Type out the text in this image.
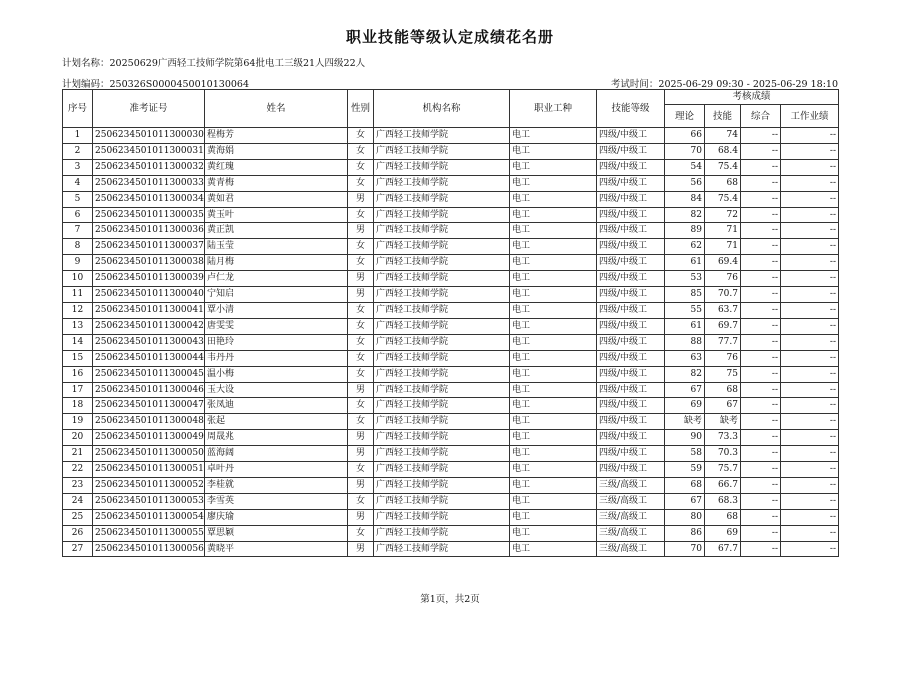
职业技能等级认定成绩花名册
计划名称：20250629广西轻工技师学院第64批电工三级21人四级22人
计划编码：250326S0000450010130064	考试时间：2025-06-29 09:30 - 2025-06-29 18:10
序号	准考证号	姓名	性别	机构名称	职业工种	技能等级	考核成绩			
							理论	技能	综合	工作业绩
1	2506234501011300030	程梅芳	女	广西轻工技师学院	电工	四级/中级工	66	74	--	--
2	2506234501011300031	黄海娟	女	广西轻工技师学院	电工	四级/中级工	70	68.4	--	--
3	2506234501011300032	黄红瑰	女	广西轻工技师学院	电工	四级/中级工	54	75.4	--	--
4	2506234501011300033	黄青梅	女	广西轻工技师学院	电工	四级/中级工	56	68	--	--
5	2506234501011300034	黄如君	男	广西轻工技师学院	电工	四级/中级工	84	75.4	--	--
6	2506234501011300035	黄玉叶	女	广西轻工技师学院	电工	四级/中级工	82	72	--	--
7	2506234501011300036	黄正凯	男	广西轻工技师学院	电工	四级/中级工	89	71	--	--
8	2506234501011300037	陆玉莹	女	广西轻工技师学院	电工	四级/中级工	62	71	--	--
9	2506234501011300038	陆月梅	女	广西轻工技师学院	电工	四级/中级工	61	69.4	--	--
10	2506234501011300039	卢仁龙	男	广西轻工技师学院	电工	四级/中级工	53	76	--	--
11	2506234501011300040	宁知启	男	广西轻工技师学院	电工	四级/中级工	85	70.7	--	--
12	2506234501011300041	覃小清	女	广西轻工技师学院	电工	四级/中级工	55	63.7	--	--
13	2506234501011300042	唐雯雯	女	广西轻工技师学院	电工	四级/中级工	61	69.7	--	--
14	2506234501011300043	田艳玲	女	广西轻工技师学院	电工	四级/中级工	88	77.7	--	--
15	2506234501011300044	韦丹丹	女	广西轻工技师学院	电工	四级/中级工	63	76	--	--
16	2506234501011300045	温小梅	女	广西轻工技师学院	电工	四级/中级工	82	75	--	--
17	2506234501011300046	玉大设	男	广西轻工技师学院	电工	四级/中级工	67	68	--	--
18	2506234501011300047	张凤迪	女	广西轻工技师学院	电工	四级/中级工	69	67	--	--
19	2506234501011300048	张起	女	广西轻工技师学院	电工	四级/中级工	缺考	缺考	--	--
20	2506234501011300049	周晟兆	男	广西轻工技师学院	电工	四级/中级工	90	73.3	--	--
21	2506234501011300050	蓝海阔	男	广西轻工技师学院	电工	四级/中级工	58	70.3	--	--
22	2506234501011300051	卓叶丹	女	广西轻工技师学院	电工	四级/中级工	59	75.7	--	--
23	2506234501011300052	李桂就	男	广西轻工技师学院	电工	三级/高级工	68	66.7	--	--
24	2506234501011300053	李雪英	女	广西轻工技师学院	电工	三级/高级工	67	68.3	--	--
25	2506234501011300054	廖庆瑜	男	广西轻工技师学院	电工	三级/高级工	80	68	--	--
26	2506234501011300055	覃思颖	女	广西轻工技师学院	电工	三级/高级工	86	69	--	--
27	2506234501011300056	黄晓平	男	广西轻工技师学院	电工	三级/高级工	70	67.7	--	--
第1页，共2页
